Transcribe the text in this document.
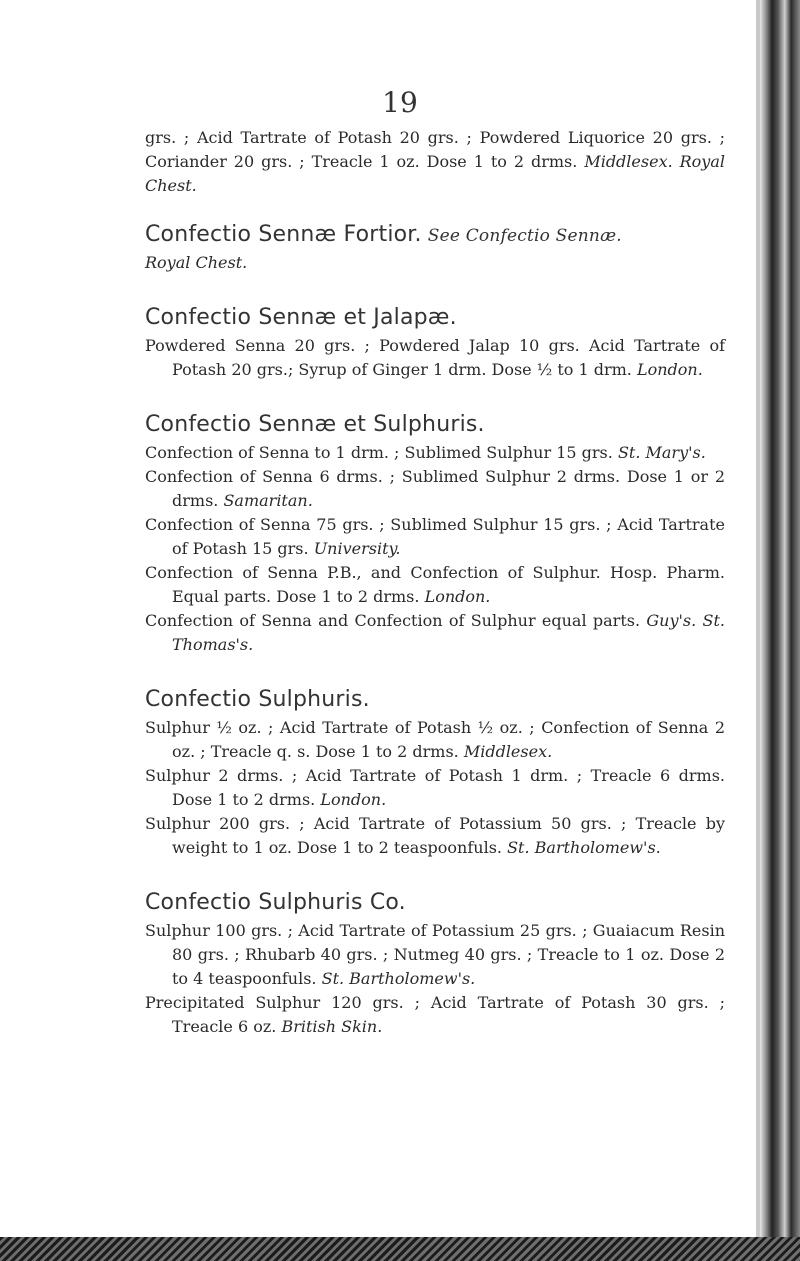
19

grs. ; Acid Tartrate of Potash 20 grs. ; Powdered Liquorice 20 grs. ; Coriander 20 grs. ; Treacle 1 oz. Dose 1 to 2 drms. Middlesex. Royal Chest.

Confectio Sennæ Fortior. See Confectio Sennæ.

Royal Chest.

Confectio Sennæ et Jalapæ.

Powdered Senna 20 grs. ; Powdered Jalap 10 grs. Acid Tartrate of Potash 20 grs.; Syrup of Ginger 1 drm. Dose ½ to 1 drm. London.

Confectio Sennæ et Sulphuris.

Confection of Senna to 1 drm. ; Sublimed Sulphur 15 grs. St. Mary's.

Confection of Senna 6 drms. ; Sublimed Sulphur 2 drms. Dose 1 or 2 drms. Samaritan.

Confection of Senna 75 grs. ; Sublimed Sulphur 15 grs. ; Acid Tartrate of Potash 15 grs. University.

Confection of Senna P.B., and Confection of Sulphur. Hosp. Pharm. Equal parts. Dose 1 to 2 drms. London.

Confection of Senna and Confection of Sulphur equal parts. Guy's. St. Thomas's.

Confectio Sulphuris.

Sulphur ½ oz. ; Acid Tartrate of Potash ½ oz. ; Confection of Senna 2 oz. ; Treacle q. s. Dose 1 to 2 drms. Middlesex.

Sulphur 2 drms. ; Acid Tartrate of Potash 1 drm. ; Treacle 6 drms. Dose 1 to 2 drms. London.

Sulphur 200 grs. ; Acid Tartrate of Potassium 50 grs. ; Treacle by weight to 1 oz. Dose 1 to 2 teaspoonfuls. St. Bartholomew's.

Confectio Sulphuris Co.

Sulphur 100 grs. ; Acid Tartrate of Potassium 25 grs. ; Guaiacum Resin 80 grs. ; Rhubarb 40 grs. ; Nutmeg 40 grs. ; Treacle to 1 oz. Dose 2 to 4 teaspoonfuls. St. Bartholomew's.

Precipitated Sulphur 120 grs. ; Acid Tartrate of Potash 30 grs. ; Treacle 6 oz. British Skin.
